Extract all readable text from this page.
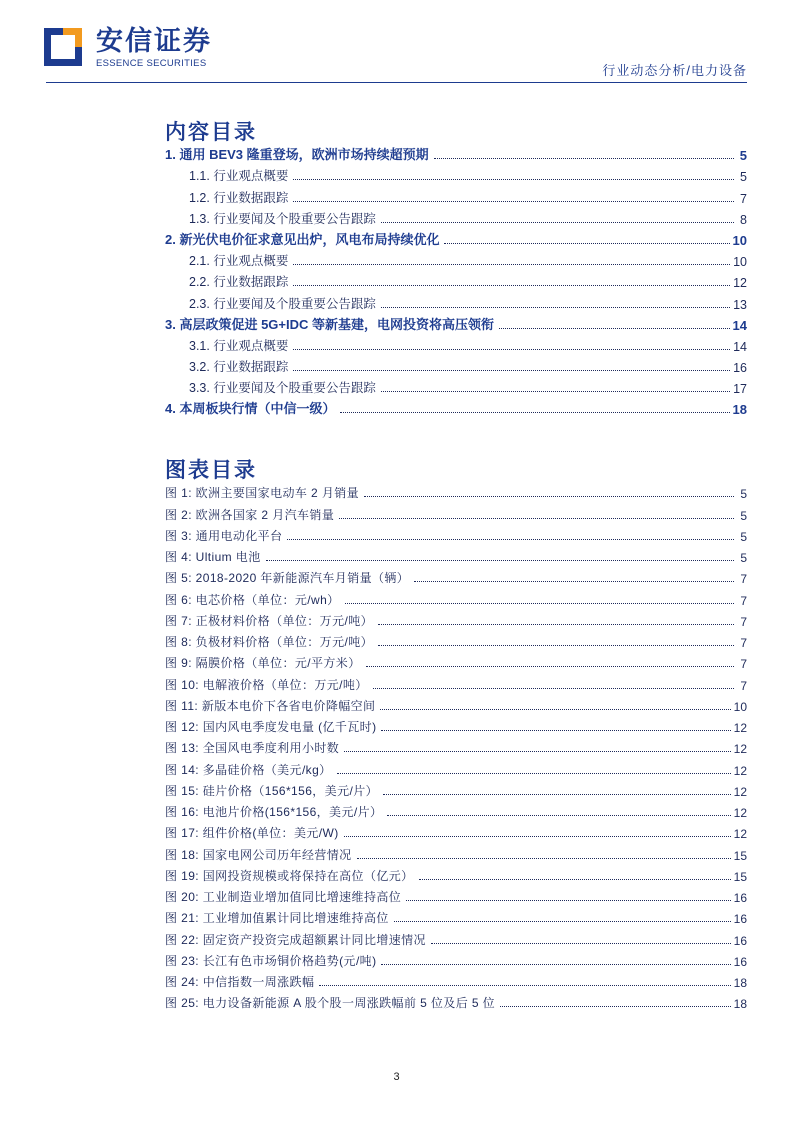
安信证券
ESSENCE SECURITIES	行业动态分析/电力设备
内容目录
1. 通用 BEV3 隆重登场，欧洲市场持续超预期	5
1.1. 行业观点概要	5
1.2. 行业数据跟踪	7
1.3. 行业要闻及个股重要公告跟踪	8
2. 新光伏电价征求意见出炉，风电布局持续优化	10
2.1. 行业观点概要	10
2.2. 行业数据跟踪	12
2.3. 行业要闻及个股重要公告跟踪	13
3. 高层政策促进 5G+IDC 等新基建，电网投资将高压领衔	14
3.1. 行业观点概要	14
3.2. 行业数据跟踪	16
3.3. 行业要闻及个股重要公告跟踪	17
4. 本周板块行情（中信一级）	18
图表目录
图 1: 欧洲主要国家电动车 2 月销量	5
图 2: 欧洲各国家 2 月汽车销量	5
图 3: 通用电动化平台	5
图 4: Ultium 电池	5
图 5: 2018-2020 年新能源汽车月销量（辆）	7
图 6: 电芯价格（单位：元/wh）	7
图 7: 正极材料价格（单位：万元/吨）	7
图 8: 负极材料价格（单位：万元/吨）	7
图 9: 隔膜价格（单位：元/平方米）	7
图 10: 电解液价格（单位：万元/吨）	7
图 11: 新版本电价下各省电价降幅空间	10
图 12: 国内风电季度发电量 (亿千瓦时)	12
图 13: 全国风电季度利用小时数	12
图 14: 多晶硅价格（美元/kg）	12
图 15: 硅片价格（156*156，美元/片）	12
图 16: 电池片价格(156*156，美元/片）	12
图 17: 组件价格(单位：美元/W)	12
图 18: 国家电网公司历年经营情况	15
图 19: 国网投资规模或将保持在高位（亿元）	15
图 20: 工业制造业增加值同比增速维持高位	16
图 21: 工业增加值累计同比增速维持高位	16
图 22: 固定资产投资完成超额累计同比增速情况	16
图 23: 长江有色市场铜价格趋势(元/吨)	16
图 24: 中信指数一周涨跌幅	18
图 25: 电力设备新能源 A 股个股一周涨跌幅前 5 位及后 5 位	18
3
